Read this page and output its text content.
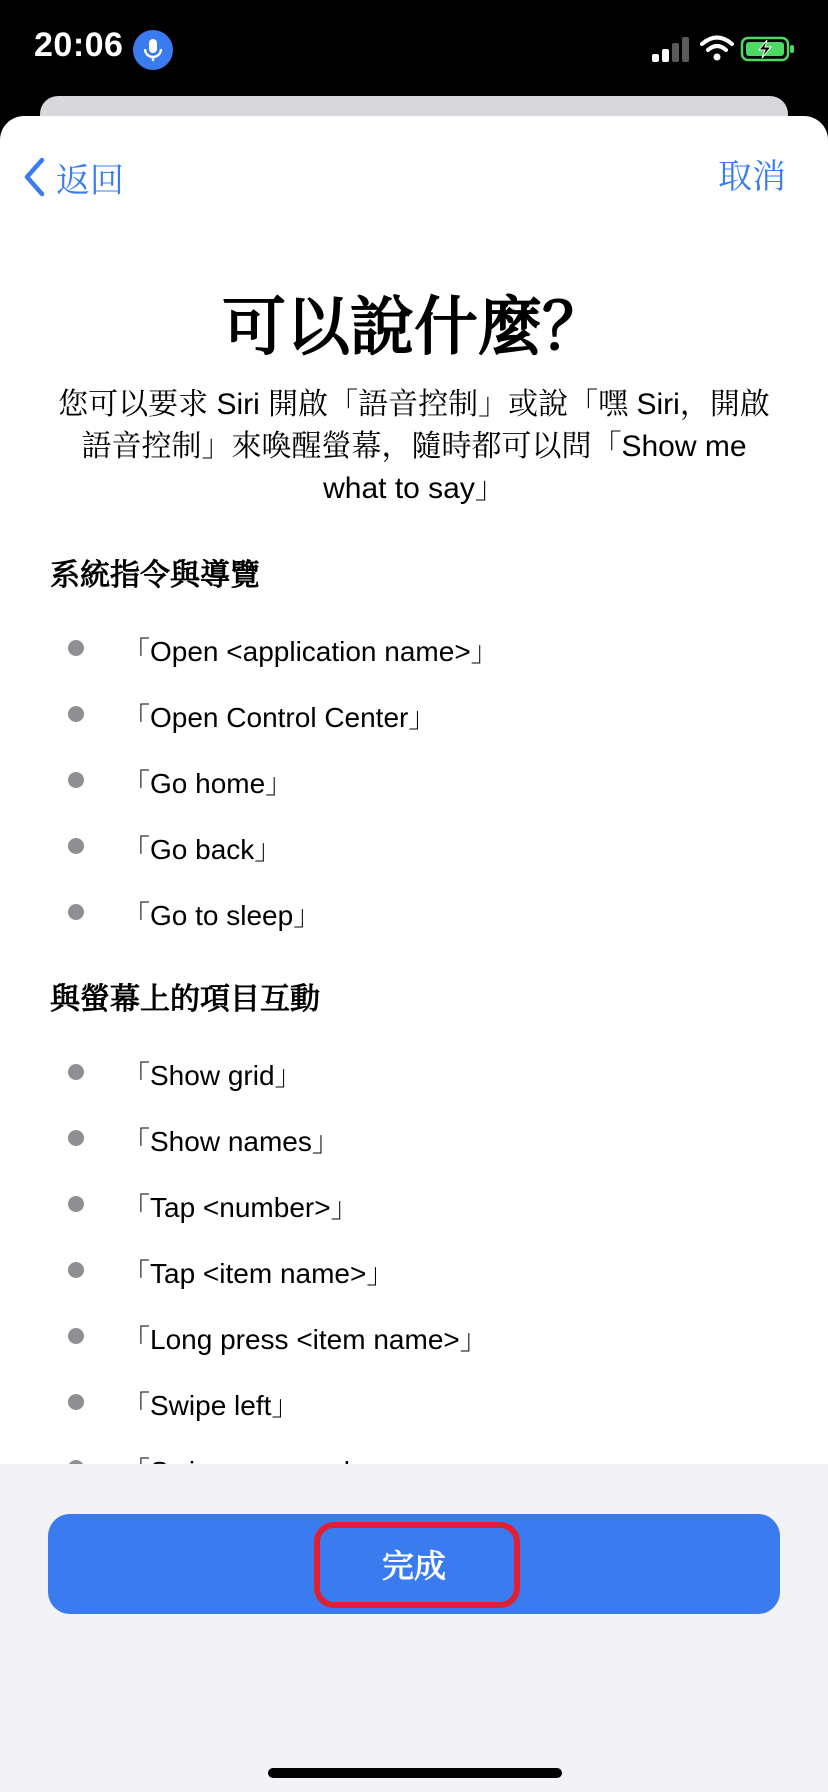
20:06
返回	取消
可以說什麼？
您可以要求 Siri 開啟「語音控制」或說「嘿 Siri，開啟語音控制」來喚醒螢幕，隨時都可以問「Show me what to say」
系統指令與導覽
「Open <application name>」
「Open Control Center」
「Go home」
「Go back」
「Go to sleep」
與螢幕上的項目互動
「Show grid」
「Show names」
「Tap <number>」
「Tap <item name>」
「Long press <item name>」
「Swipe left」
完成
